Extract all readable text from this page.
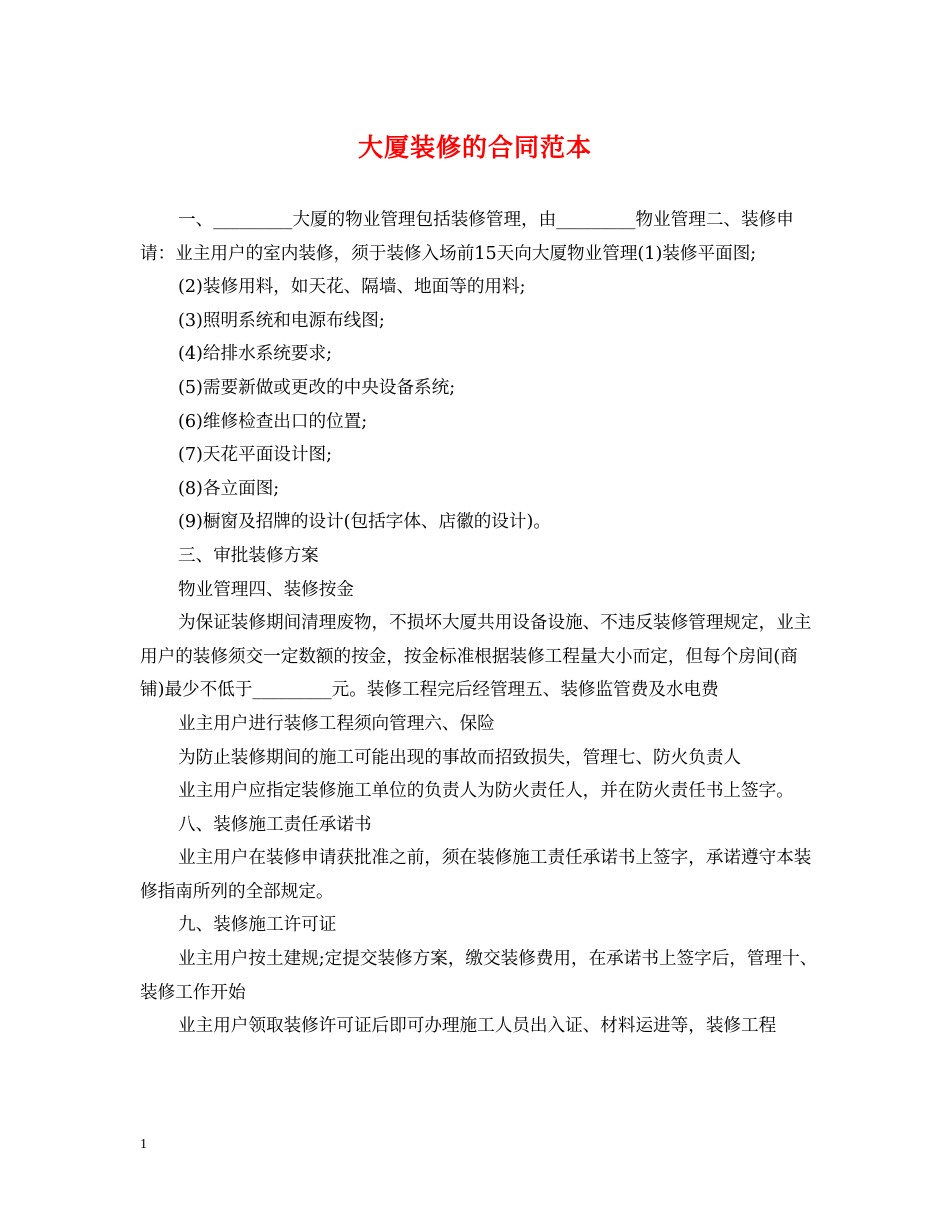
大厦装修的合同范本

一、_________大厦的物业管理包括装修管理，由_________物业管理二、装修申请：业主用户的室内装修，须于装修入场前15天向大厦物业管理(1)装修平面图;

(2)装修用料，如天花、隔墙、地面等的用料;

(3)照明系统和电源布线图;

(4)给排水系统要求;

(5)需要新做或更改的中央设备系统;

(6)维修检查出口的位置;

(7)天花平面设计图;

(8)各立面图;

(9)橱窗及招牌的设计(包括字体、店徽的设计)。

三、审批装修方案

物业管理四、装修按金

为保证装修期间清理废物，不损坏大厦共用设备设施、不违反装修管理规定，业主用户的装修须交一定数额的按金，按金标准根据装修工程量大小而定，但每个房间(商铺)最少不低于_________元。装修工程完后经管理五、装修监管费及水电费

业主用户进行装修工程须向管理六、保险

为防止装修期间的施工可能出现的事故而招致损失，管理七、防火负责人

业主用户应指定装修施工单位的负责人为防火责任人，并在防火责任书上签字。

八、装修施工责任承诺书

业主用户在装修申请获批准之前，须在装修施工责任承诺书上签字，承诺遵守本装修指南所列的全部规定。

九、装修施工许可证

业主用户按土建规;定提交装修方案，缴交装修费用，在承诺书上签字后，管理十、装修工作开始

业主用户领取装修许可证后即可办理施工人员出入证、材料运进等，装修工程

1
